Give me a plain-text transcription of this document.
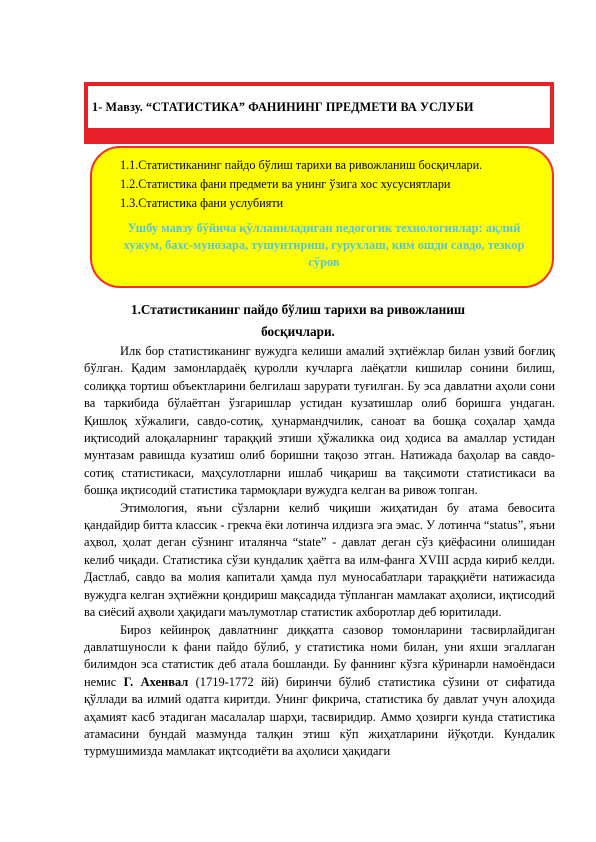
1- Мавзу. “СТАТИСТИКА” ФАНИНИНГ ПРЕДМЕТИ ВА УСЛУБИ
1.1.Статистиканинг пайдо бўлиш тарихи ва ривожланиш босқичлари.
1.2.Статистика фани предмети ва унинг ўзига хос хусусиятлари
1.3.Статистика фани услубияти
Ушбу мавзу бўйича қўлланиладиган педогогик технологиялар: ақлий хужум, бахс-мунозара, тушунтириш, гурухлаш, ким ошди савдо, тезкор сўров
1.Статистиканинг пайдо бўлиш тарихи ва ривожланиш
босқичлари.

Илк бор статистиканинг вужудга келиши амалий эҳтиёжлар билан узвий боғлиқ бўлган. Қадим замонлардаёқ қуролли кучларга лаёқатли кишилар сонини билиш, солиққа тортиш объектларини белгилаш зарурати туғилган. Бу эса давлатни аҳоли сони ва таркибида бўлаётган ўзгаришлар устидан кузатишлар олиб боришга ундаган. Қишлоқ хўжалиги, савдо-сотиқ, ҳунармандчилик, саноат ва бошқа соҳалар ҳамда иқтисодий алоқаларнинг тараққий этиши ҳўжаликка оид ҳодиса ва амаллар устидан мунтазам равишда кузатиш олиб боришни тақозо этган. Натижада баҳолар ва савдо-сотиқ статистикаси, маҳсулотларни ишлаб чиқариш ва тақсимоти статистикаси ва бошқа иқтисодий статистика тармоқлари вужудга келган ва ривож топган.

Этимология, яъни сўзларни келиб чиқиши жиҳатидан бу атама бевосита қандайдир битта классик - грекча ёки лотинча илдизга эга эмас. У лотинча “status”, яъни аҳвол, ҳолат деган сўзнинг италянча “state” - давлат деган сўз қиёфасини олишидан келиб чиқади. Статистика сўзи кундалик ҳаётга ва илм-фанга XVIII асрда кириб келди. Дастлаб, савдо ва молия капитали ҳамда пул муносабатлари тараққиёти натижасида вужудга келган эҳтиёжни қондириш мақсадида тўпланган мамлакат аҳолиси, иқтисодий ва сиёсий аҳволи ҳақидаги маълумотлар статистик ахборотлар деб юритилади.

Бироз кейинроқ давлатнинг диққатга сазовор томонларини тасвирлайдиган давлатшуносли к фани пайдо бўлиб, у статистика номи билан, уни яхши эгаллаган билимдон эса статистик деб атала бошланди. Бу фаннинг кўзга кўринарли намоёндаси немис Г. Ахенвал (1719-1772 йй) биринчи бўлиб статистика сўзини от сифатида қўллади ва илмий одатга киритди. Унинг фикрича, статистика бу давлат учун алоҳида аҳамият касб этадиган масалалар шарҳи, тасвиридир. Аммо ҳозирги кунда статистика атамасини бундай мазмунда талқин этиш кўп жиҳатларини йўқотди. Кундалик турмушимизда мамлакат иқтсодиёти ва аҳолиси ҳақидаги
